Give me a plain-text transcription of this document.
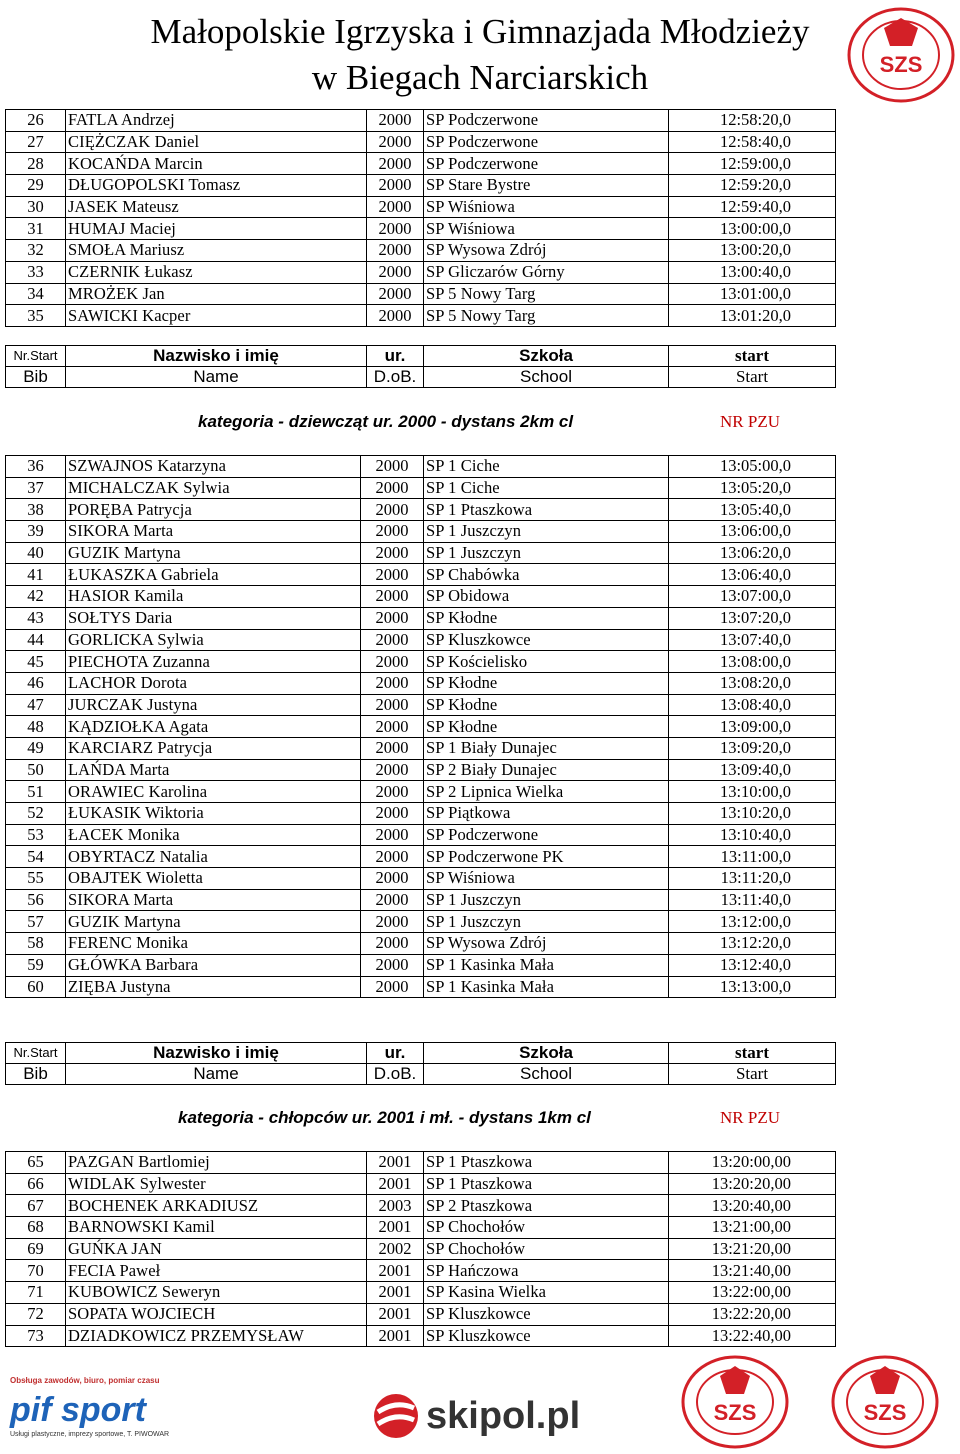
Małopolskie Igrzyska i Gimnazjada Młodzieży
w Biegach Narciarskich	SZS
26	FATLA Andrzej	2000	SP Podczerwone	12:58:20,0
27	CIĘŻCZAK Daniel	2000	SP Podczerwone	12:58:40,0
28	KOCAŃDA Marcin	2000	SP Podczerwone	12:59:00,0
29	DŁUGOPOLSKI Tomasz	2000	SP Stare Bystre	12:59:20,0
30	JASEK Mateusz	2000	SP Wiśniowa	12:59:40,0
31	HUMAJ Maciej	2000	SP Wiśniowa	13:00:00,0
32	SMOŁA Mariusz	2000	SP Wysowa Zdrój	13:00:20,0
33	CZERNIK Łukasz	2000	SP Gliczarów Górny	13:00:40,0
34	MROŻEK Jan	2000	SP 5 Nowy Targ	13:01:00,0
35	SAWICKI Kacper	2000	SP 5 Nowy Targ	13:01:20,0
Nr.Start	Nazwisko i imię	ur.	Szkoła	start
Bib	Name	D.oB.	School	Start
kategoria - dziewcząt ur. 2000 - dystans 2km cl	NR PZU
36	SZWAJNOS Katarzyna	2000	SP 1 Ciche	13:05:00,0
37	MICHALCZAK Sylwia	2000	SP 1 Ciche	13:05:20,0
38	PORĘBA Patrycja	2000	SP 1 Ptaszkowa	13:05:40,0
39	SIKORA Marta	2000	SP 1 Juszczyn	13:06:00,0
40	GUZIK Martyna	2000	SP 1 Juszczyn	13:06:20,0
41	ŁUKASZKA Gabriela	2000	SP Chabówka	13:06:40,0
42	HASIOR Kamila	2000	SP Obidowa	13:07:00,0
43	SOŁTYS Daria	2000	SP Kłodne	13:07:20,0
44	GORLICKA Sylwia	2000	SP Kluszkowce	13:07:40,0
45	PIECHOTA Zuzanna	2000	SP Kościelisko	13:08:00,0
46	LACHOR Dorota	2000	SP Kłodne	13:08:20,0
47	JURCZAK Justyna	2000	SP Kłodne	13:08:40,0
48	KĄDZIOŁKA Agata	2000	SP Kłodne	13:09:00,0
49	KARCIARZ Patrycja	2000	SP 1 Biały Dunajec	13:09:20,0
50	LAŃDA Marta	2000	SP 2 Biały Dunajec	13:09:40,0
51	ORAWIEC Karolina	2000	SP 2 Lipnica Wielka	13:10:00,0
52	ŁUKASIK Wiktoria	2000	SP Piątkowa	13:10:20,0
53	ŁACEK Monika	2000	SP Podczerwone	13:10:40,0
54	OBYRTACZ Natalia	2000	SP Podczerwone PK	13:11:00,0
55	OBAJTEK Wioletta	2000	SP Wiśniowa	13:11:20,0
56	SIKORA Marta	2000	SP 1 Juszczyn	13:11:40,0
57	GUZIK Martyna	2000	SP 1 Juszczyn	13:12:00,0
58	FERENC Monika	2000	SP Wysowa Zdrój	13:12:20,0
59	GŁÓWKA Barbara	2000	SP 1 Kasinka Mała	13:12:40,0
60	ZIĘBA Justyna	2000	SP 1 Kasinka Mała	13:13:00,0
Nr.Start	Nazwisko i imię	ur.	Szkoła	start
Bib	Name	D.oB.	School	Start
kategoria - chłopców ur. 2001 i mł. - dystans 1km cl	NR PZU
65	PAZGAN Bartlomiej	2001	SP 1 Ptaszkowa	13:20:00,00
66	WIDLAK Sylwester	2001	SP 1 Ptaszkowa	13:20:20,00
67	BOCHENEK ARKADIUSZ	2003	SP 2 Ptaszkowa	13:20:40,00
68	BARNOWSKI Kamil	2001	SP Chochołów	13:21:00,00
69	GUŃKA JAN	2002	SP Chochołów	13:21:20,00
70	FECIA Paweł	2001	SP Hańczowa	13:21:40,00
71	KUBOWICZ Seweryn	2001	SP Kasina Wielka	13:22:00,00
72	SOPATA WOJCIECH	2001	SP Kluszkowce	13:22:20,00
73	DZIADKOWICZ PRZEMYSŁAW	2001	SP Kluszkowce	13:22:40,00
Obsługa zawodów, biuro, pomiar czasu
pif sport
Usługi plastyczne, imprezy sportowe, T. PIWOWAR	skipol.pl	SZS	SZS
